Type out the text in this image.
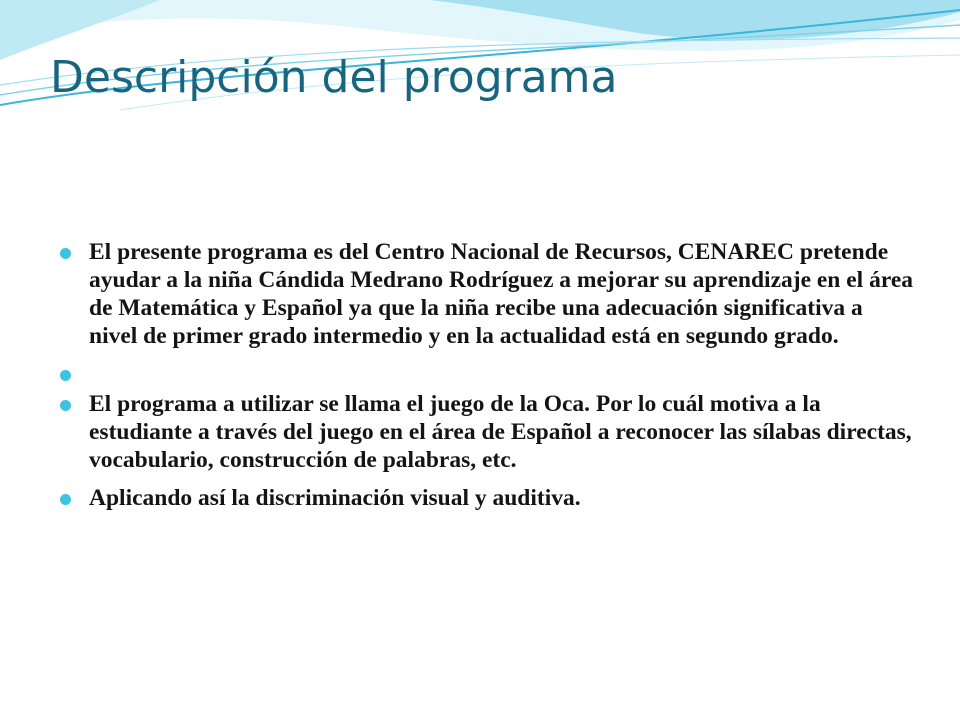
Descripción del programa
El presente programa es del Centro Nacional de Recursos, CENAREC pretende ayudar a la niña Cándida Medrano Rodríguez a mejorar su aprendizaje en el área de Matemática y Español ya que la niña recibe una adecuación significativa a nivel de primer grado intermedio y en la actualidad está en segundo grado.
El programa a utilizar se llama el juego de la Oca. Por lo cuál motiva a la estudiante a través del juego en el área de Español a reconocer las sílabas directas, vocabulario, construcción de palabras, etc.
Aplicando así la discriminación visual y auditiva.
